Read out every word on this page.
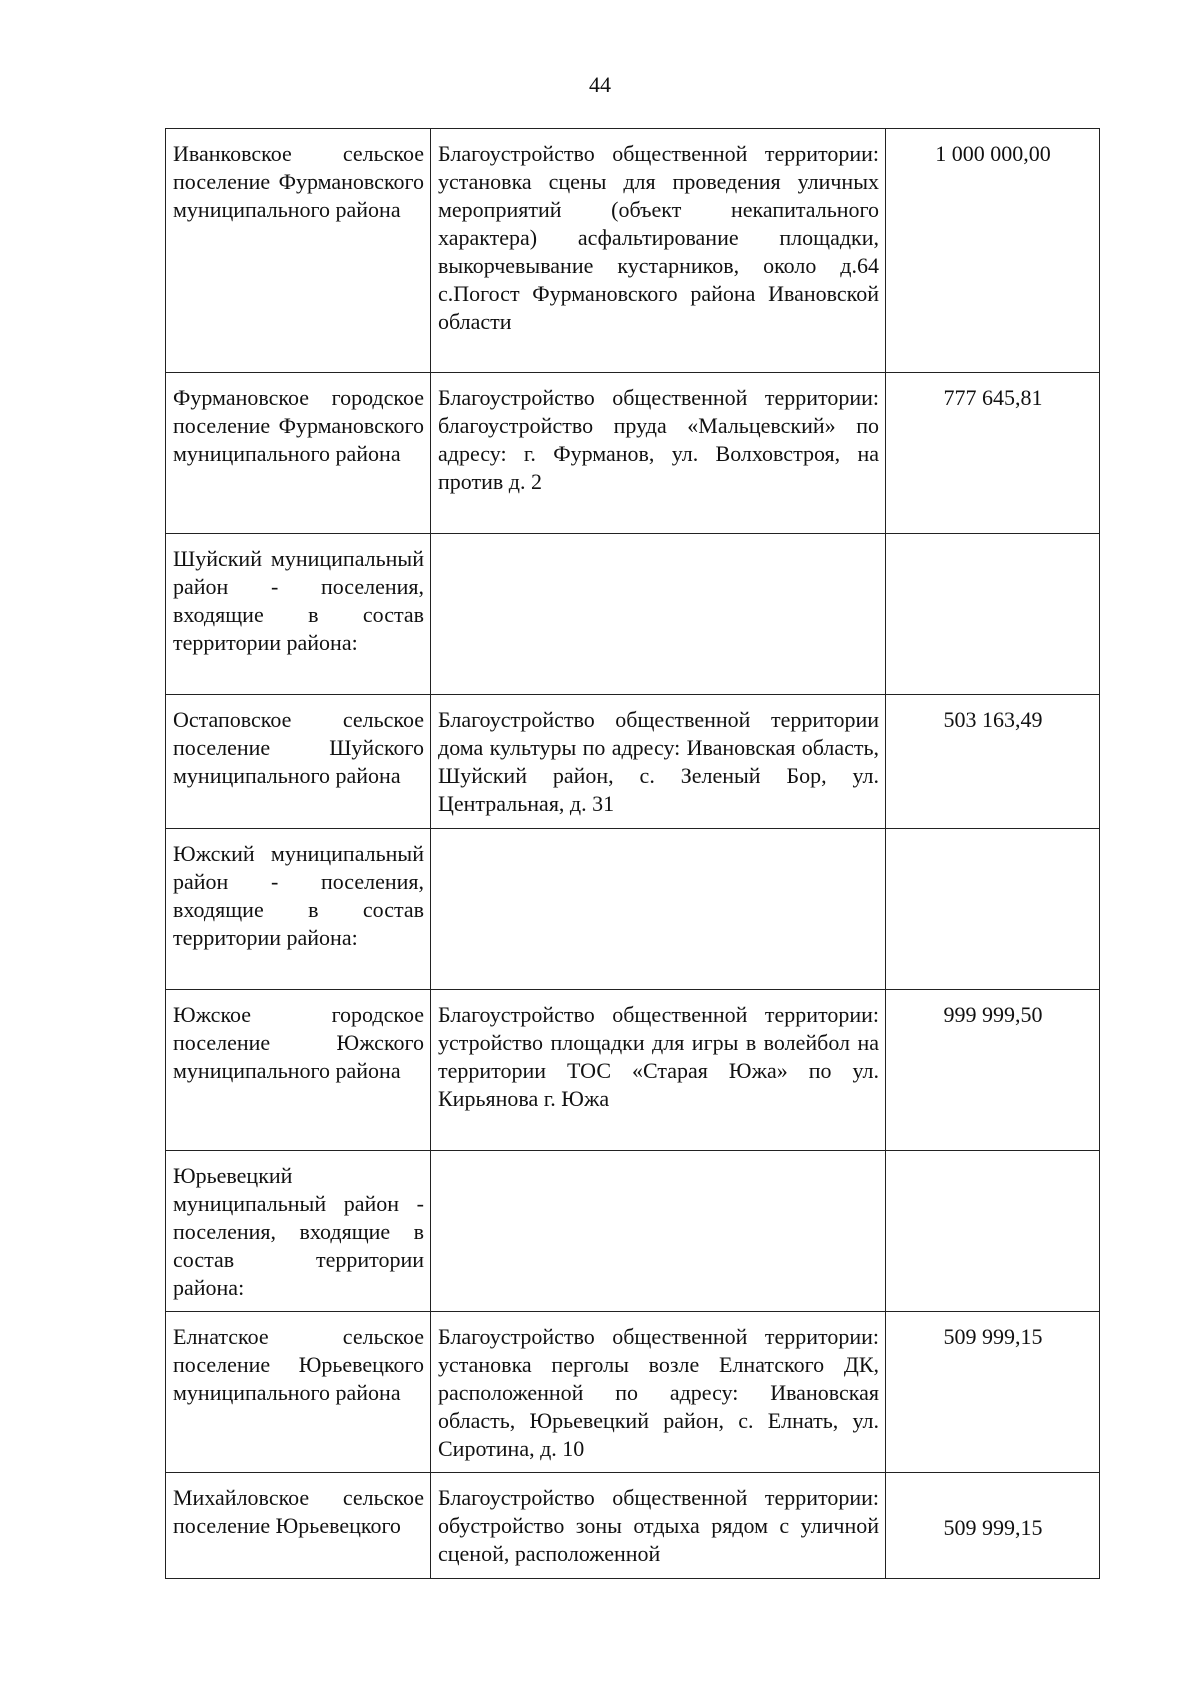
44
Иванковское сельское поселение Фурмановского муниципального района	Благоустройство общественной территории: установка сцены для проведения уличных мероприятий (объект некапитального характера) асфальтирование площадки, выкорчевывание кустарников, около д.64 с.Погост Фурмановского района Ивановской области	1 000 000,00

Фурмановское городское поселение Фурмановского муниципального района	Благоустройство общественной территории: благоустройство пруда «Мальцевский» по адресу: г. Фурманов, ул. Волховстроя, на против д. 2	777 645,81

Шуйский муниципальный район - поселения, входящие в состав территории района:		

Остаповское сельское поселение Шуйского муниципального района	Благоустройство общественной территории дома культуры по адресу: Ивановская область, Шуйский район, с. Зеленый Бор, ул. Центральная, д. 31	503 163,49

Южский муниципальный район - поселения, входящие в состав территории района:		

Южское городское поселение Южского муниципального района	Благоустройство общественной территории: устройство площадки для игры в волейбол на территории ТОС «Старая Южа» по ул. Кирьянова г. Южа	999 999,50

Юрьевецкий муниципальный район - поселения, входящие в состав территории района:		

Елнатское сельское поселение Юрьевецкого муниципального района	Благоустройство общественной территории: установка перголы возле Елнатского ДК, расположенной по адресу: Ивановская область, Юрьевецкий район, с. Елнать, ул. Сиротина, д. 10	509 999,15

Михайловское сельское поселение Юрьевецкого	Благоустройство общественной территории: обустройство зоны отдыха рядом с уличной сценой, расположенной	509 999,15
